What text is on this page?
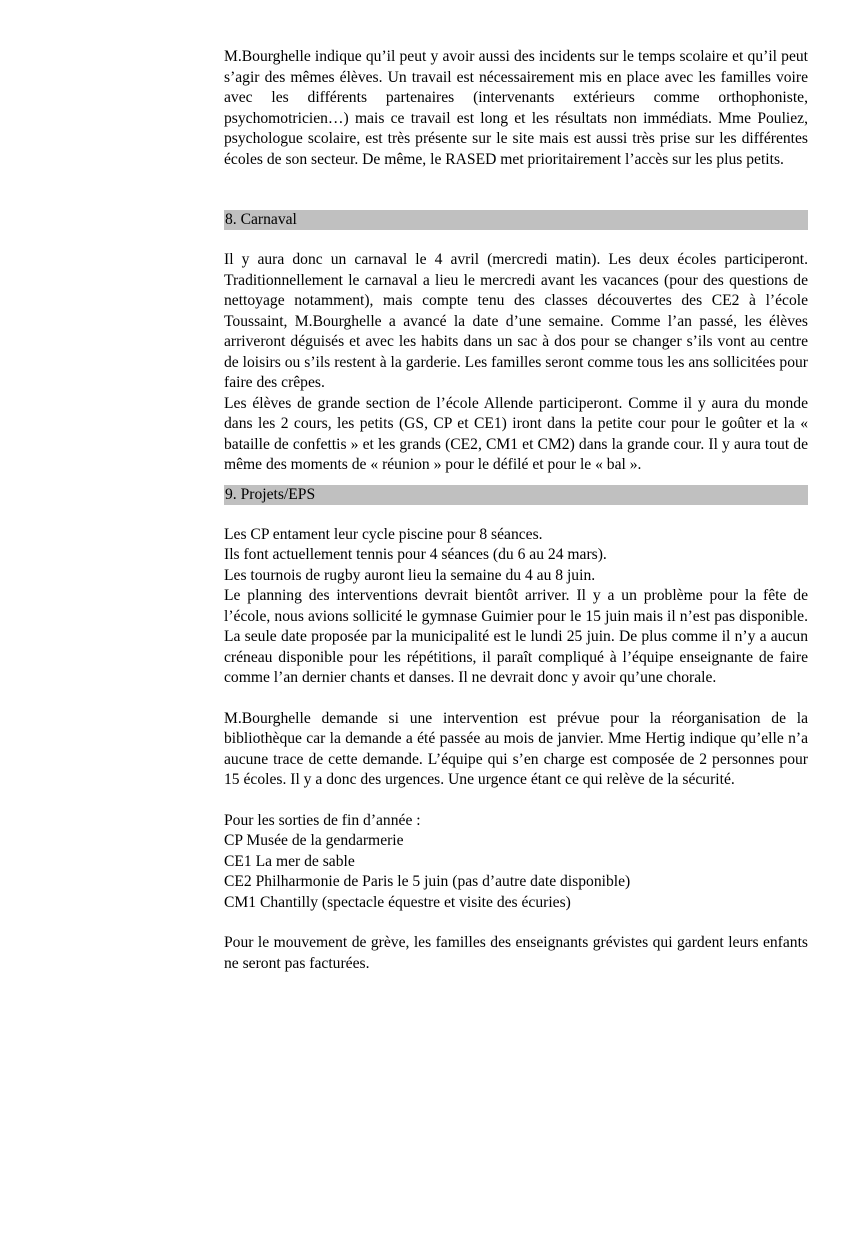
M.Bourghelle indique qu’il peut y avoir aussi des incidents sur le temps scolaire et qu’il peut s’agir des mêmes élèves. Un travail est nécessairement mis en place avec les familles voire avec les différents partenaires (intervenants extérieurs comme orthophoniste, psychomotricien…) mais ce travail est long et les résultats non immédiats. Mme Pouliez, psychologue scolaire, est très présente sur le site mais est aussi très prise sur les différentes écoles de son secteur. De même, le RASED met prioritairement l’accès sur les plus petits.

8. Carnaval

Il y aura donc un carnaval le 4 avril (mercredi matin). Les deux écoles participeront. Traditionnellement le carnaval a lieu le mercredi avant les vacances (pour des questions de nettoyage notamment), mais compte tenu des classes découvertes des CE2 à l’école Toussaint, M.Bourghelle a avancé la date d’une semaine. Comme l’an passé, les élèves arriveront déguisés et avec les habits dans un sac à dos pour se changer s’ils vont au centre de loisirs ou s’ils restent à la garderie. Les familles seront comme tous les ans sollicitées pour faire des crêpes.

Les élèves de grande section de l’école Allende participeront. Comme il y aura du monde dans les 2 cours, les petits (GS, CP et CE1) iront dans la petite cour pour le goûter et la « bataille de confettis » et les grands (CE2, CM1 et CM2) dans la grande cour. Il y aura tout de même des moments de « réunion » pour le défilé et pour le « bal ».

9. Projets/EPS

Les CP entament leur cycle piscine pour 8 séances.

Ils font actuellement tennis pour 4 séances (du 6 au 24 mars).

Les tournois de rugby auront lieu la semaine du 4 au 8 juin.

Le planning des interventions devrait bientôt arriver. Il y a un problème pour la fête de l’école, nous avions sollicité le gymnase Guimier pour le 15 juin mais il n’est pas disponible. La seule date proposée par la municipalité est le lundi 25 juin. De plus comme il n’y a aucun créneau disponible pour les répétitions, il paraît compliqué à l’équipe enseignante de faire comme l’an dernier chants et danses. Il ne devrait donc y avoir qu’une chorale.

M.Bourghelle demande si une intervention est prévue pour la réorganisation de la bibliothèque car la demande a été passée au mois de janvier. Mme Hertig indique qu’elle n’a aucune trace de cette demande. L’équipe qui s’en charge est composée de 2 personnes pour 15 écoles. Il y a donc des urgences. Une urgence étant ce qui relève de la sécurité.

Pour les sorties de fin d’année :

CP Musée de la gendarmerie

CE1 La mer de sable

CE2 Philharmonie de Paris le 5 juin (pas d’autre date disponible)

CM1 Chantilly (spectacle équestre et visite des écuries)

Pour le mouvement de grève, les familles des enseignants grévistes qui gardent leurs enfants ne seront pas facturées.
